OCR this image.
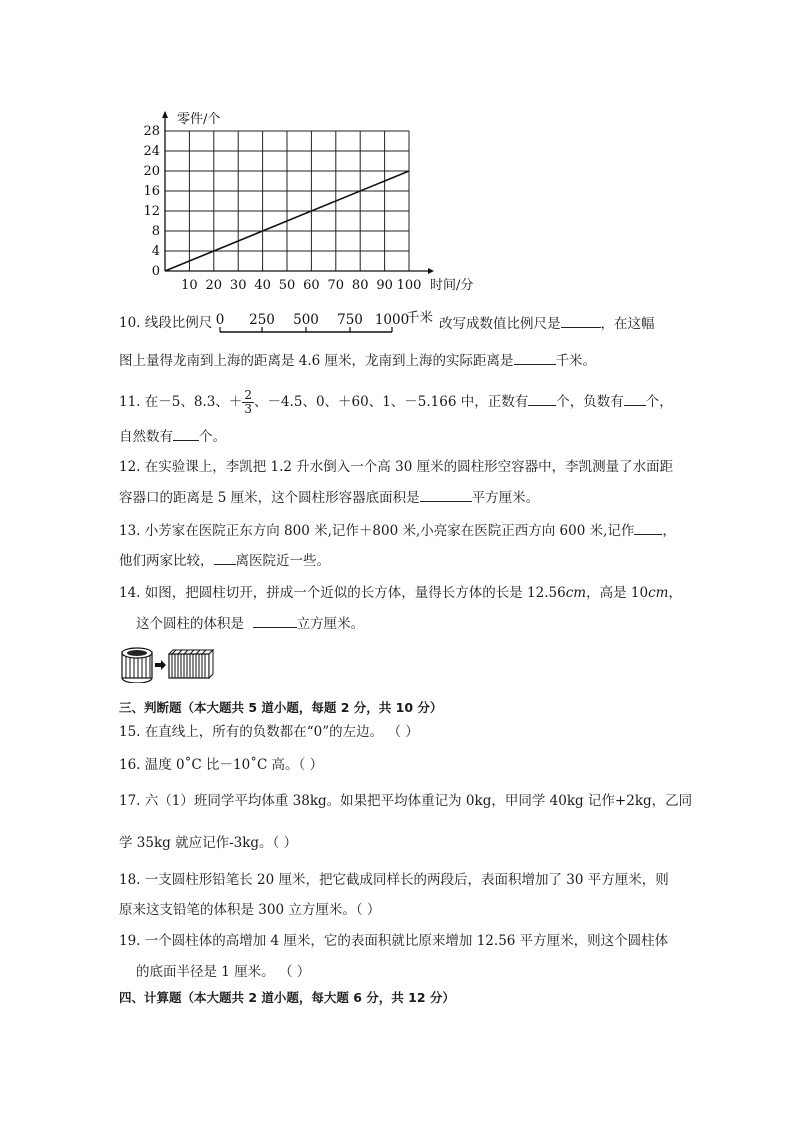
0
4
8
12
16
20
24
28
10 20 30 40 50 60 70 80 90 100
零件/个
时间/分
10. 线段比例尺 0 250 500 750 1000
千米 改写成数值比例尺是	，在这幅
图上量得龙南到上海的距离是 4.6 厘米，龙南到上海的实际距离是	千米。
11. 在－5、8.3、＋ $\frac{2}{3}$ 、－4.5、0、＋60、1、－5.166 中，正数有 个，负数有 个，
自然数有 个。
12. 在实验课上，李凯把 1.2 升水倒入一个高 30 厘米的圆柱形空容器中，李凯测量了水面距
容器口的距离是 5 厘米，这个圆柱形容器底面积是	平方厘米。
13. 小芳家在医院正东方向 800 米,记作＋800 米,小亮家在医院正西方向 600 米,记作 ，
他们两家比较， 离医院近一些。
14. 如图，把圆柱切开，拼成一个近似的长方体，量得长方体的长是 12.56cm，高是 10cm，
这个圆柱的体积是	立方厘米。
三、判断题（本大题共 5 道小题，每题 2 分，共 10 分）
15. 在直线上，所有的负数都在“0”的左边。 （ ）
16. 温度 0˚C 比－10˚C 高。（ ）
17. 六（1）班同学平均体重 38kg。如果把平均体重记为 0kg，甲同学 40kg 记作+2kg，乙同
学 35kg 就应记作-3kg。（ ）
18. 一支圆柱形铅笔长 20 厘米，把它截成同样长的两段后，表面积增加了 30 平方厘米，则
原来这支铅笔的体积是 300 立方厘米。（ ）
19. 一个圆柱体的高增加 4 厘米，它的表面积就比原来增加 12.56 平方厘米，则这个圆柱体
的底面半径是 1 厘米。 （ ）
四、计算题（本大题共 2 道小题，每大题 6 分，共 12 分）
